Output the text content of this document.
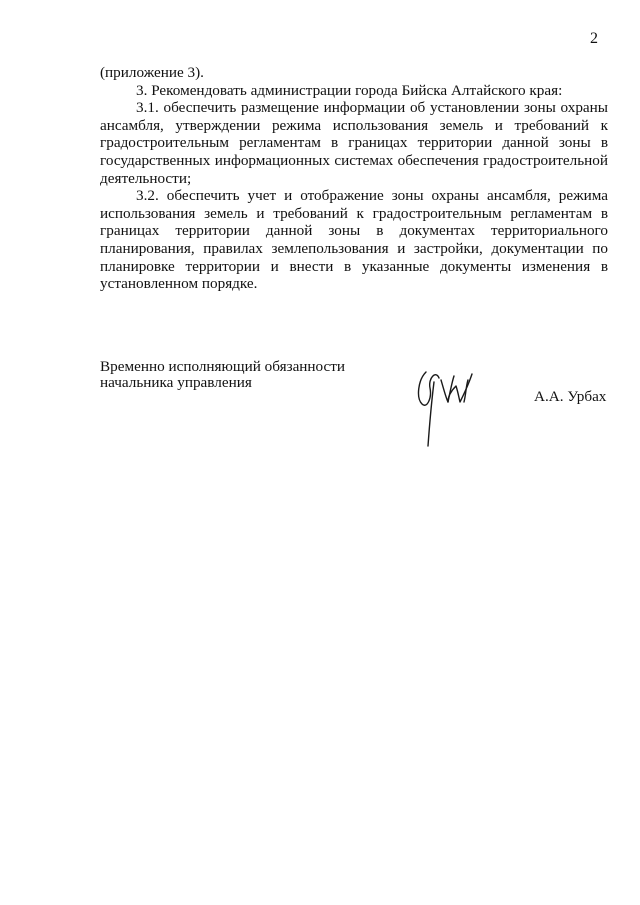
2

(приложение 3).

3. Рекомендовать администрации города Бийска Алтайского края:

3.1. обеспечить размещение информации об установлении зоны охраны ансамбля, утверждении режима использования земель и требований к градостроительным регламентам в границах территории данной зоны в государственных информационных системах обеспечения градостроительной деятельности;

3.2. обеспечить учет и отображение зоны охраны ансамбля, режима использования земель и требований к градостроительным регламентам в границах территории данной зоны в документах территориального планирования, правилах землепользования и застройки, документации по планировке территории и внести в указанные документы изменения в установленном порядке.

Временно исполняющий обязанности
начальника управления
А.А. Урбах
